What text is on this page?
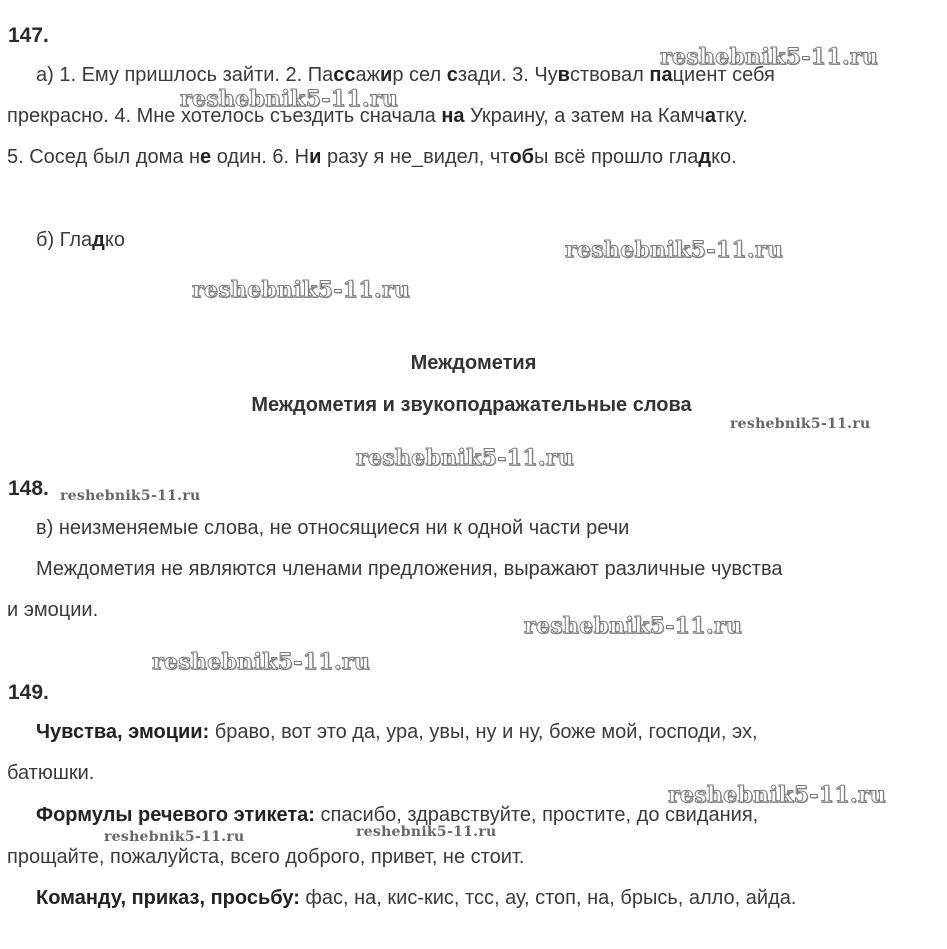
147.
а) 1. Ему пришлось зайти. 2. Пассажир сел сзади. 3. Чувствовал пациент себя
прекрасно. 4. Мне хотелось съездить сначала на Украину, а затем на Камчатку.
5. Сосед был дома не один. 6. Ни разу я не_видел, чтобы всё прошло гладко.
б) Гладко
Междометия
Междометия и звукоподражательные слова
148.
в) неизменяемые слова, не относящиеся ни к одной части речи
Междометия не являются членами предложения, выражают различные чувства
и эмоции.
149.
Чувства, эмоции: браво, вот это да, ура, увы, ну и ну, боже мой, господи, эх,
батюшки.
Формулы речевого этикета: спасибо, здравствуйте, простите, до свидания,
прощайте, пожалуйста, всего доброго, привет, не стоит.
Команду, приказ, просьбу: фас, на, кис-кис, тсс, ау, стоп, на, брысь, алло, айда.
reshebnik5-11.ru
reshebnik5-11.ru
reshebnik5-11.ru
reshebnik5-11.ru
reshebnik5-11.ru
reshebnik5-11.ru
reshebnik5-11.ru
reshebnik5-11.ru
reshebnik5-11.ru
reshebnik5-11.ru
reshebnik5-11.ru	reshebnik5-11.ru
